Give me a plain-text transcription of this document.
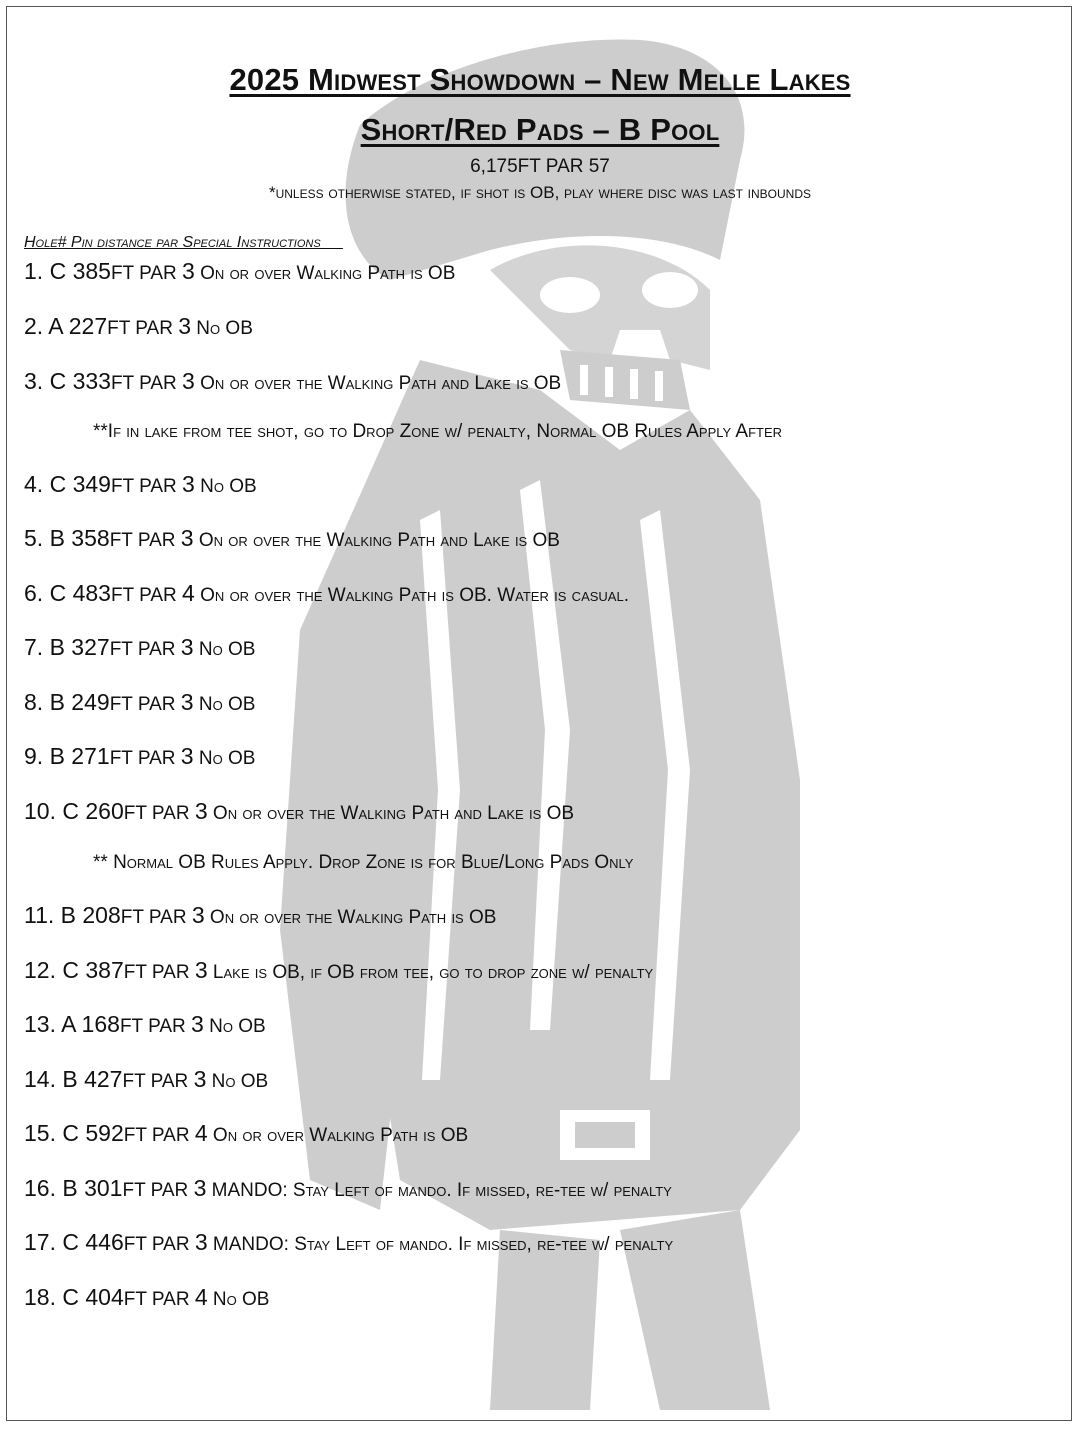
2025 Midwest Showdown – New Melle Lakes
Short/Red Pads – B Pool
6,175FT PAR 57
*unless otherwise stated, if shot is OB, play where disc was last inbounds
Hole# Pin distance par Special Instructions
1. C 385FT PAR 3 On or over Walking Path is OB
2. A 227FT PAR 3 No OB
3. C 333FT PAR 3 On or over the Walking Path and Lake is OB
**If in lake from tee shot, go to Drop Zone w/ penalty, Normal OB Rules Apply After
4. C 349FT PAR 3 No OB
5. B 358FT PAR 3 On or over the Walking Path and Lake is OB
6. C 483FT PAR 4 On or over the Walking Path is OB. Water is casual.
7. B 327FT PAR 3 No OB
8. B 249FT PAR 3 No OB
9. B 271FT PAR 3 No OB
10. C 260FT PAR 3 On or over the Walking Path and Lake is OB
** Normal OB Rules Apply. Drop Zone is for Blue/Long Pads Only
11. B 208FT PAR 3 On or over the Walking Path is OB
12. C 387FT PAR 3 Lake is OB, if OB from tee, go to drop zone w/ penalty
13. A 168FT PAR 3 No OB
14. B 427FT PAR 3 No OB
15. C 592FT PAR 4 On or over Walking Path is OB
16. B 301FT PAR 3 MANDO: Stay Left of mando. If missed, re-tee w/ penalty
17. C 446FT PAR 3 MANDO: Stay Left of mando. If missed, re-tee w/ penalty
18. C 404FT PAR 4 No OB
